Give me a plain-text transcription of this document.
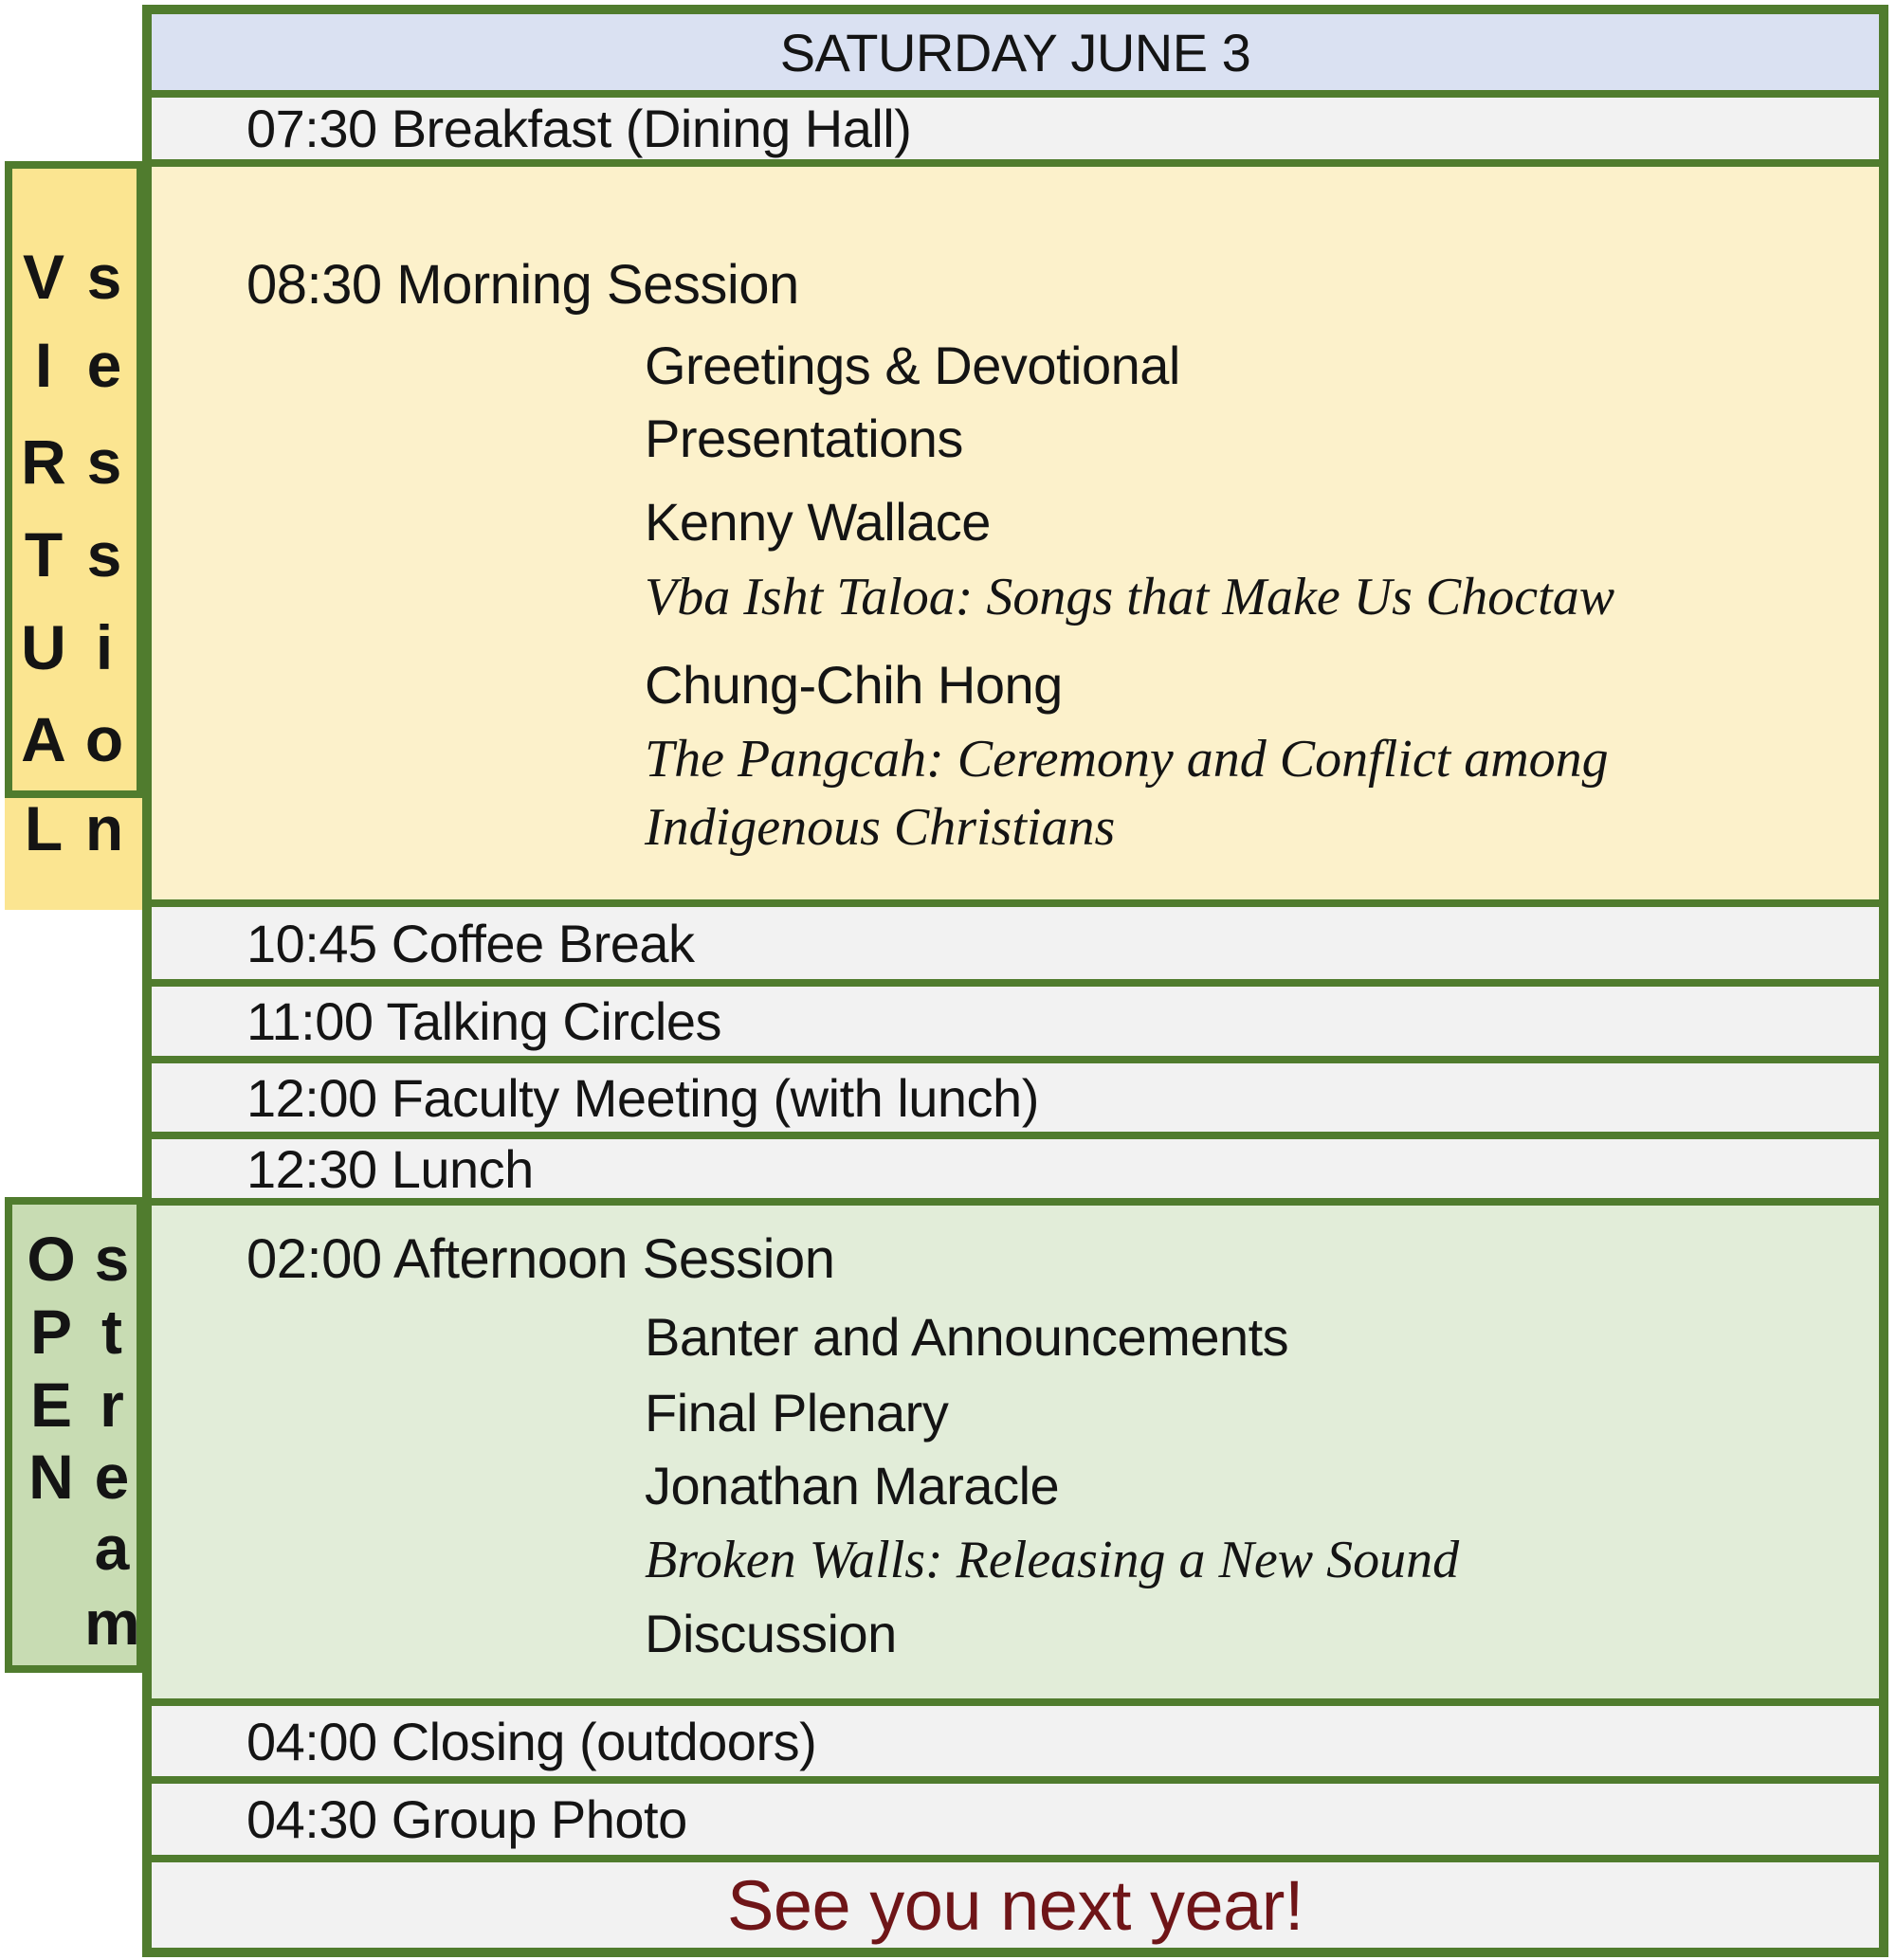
SATURDAY JUNE 3
07:30 Breakfast (Dining Hall)
08:30 Morning Session
Greetings & Devotional
Presentations
Kenny Wallace
Vba Isht Taloa: Songs that Make Us Choctaw
Chung-Chih Hong
The Pangcah: Ceremony and Conflict among
Indigenous Christians
10:45 Coffee Break
11:00 Talking Circles
12:00 Faculty Meeting (with lunch)
12:30 Lunch
02:00 Afternoon Session
Banter and Announcements
Final Plenary
Jonathan Maracle
Broken Walls: Releasing a New Sound
Discussion
04:00 Closing (outdoors)
04:30 Group Photo
See you next year!
V s
I e
R s
T s
U i
A o
L n
O s
P t
E r
N e
a
m
